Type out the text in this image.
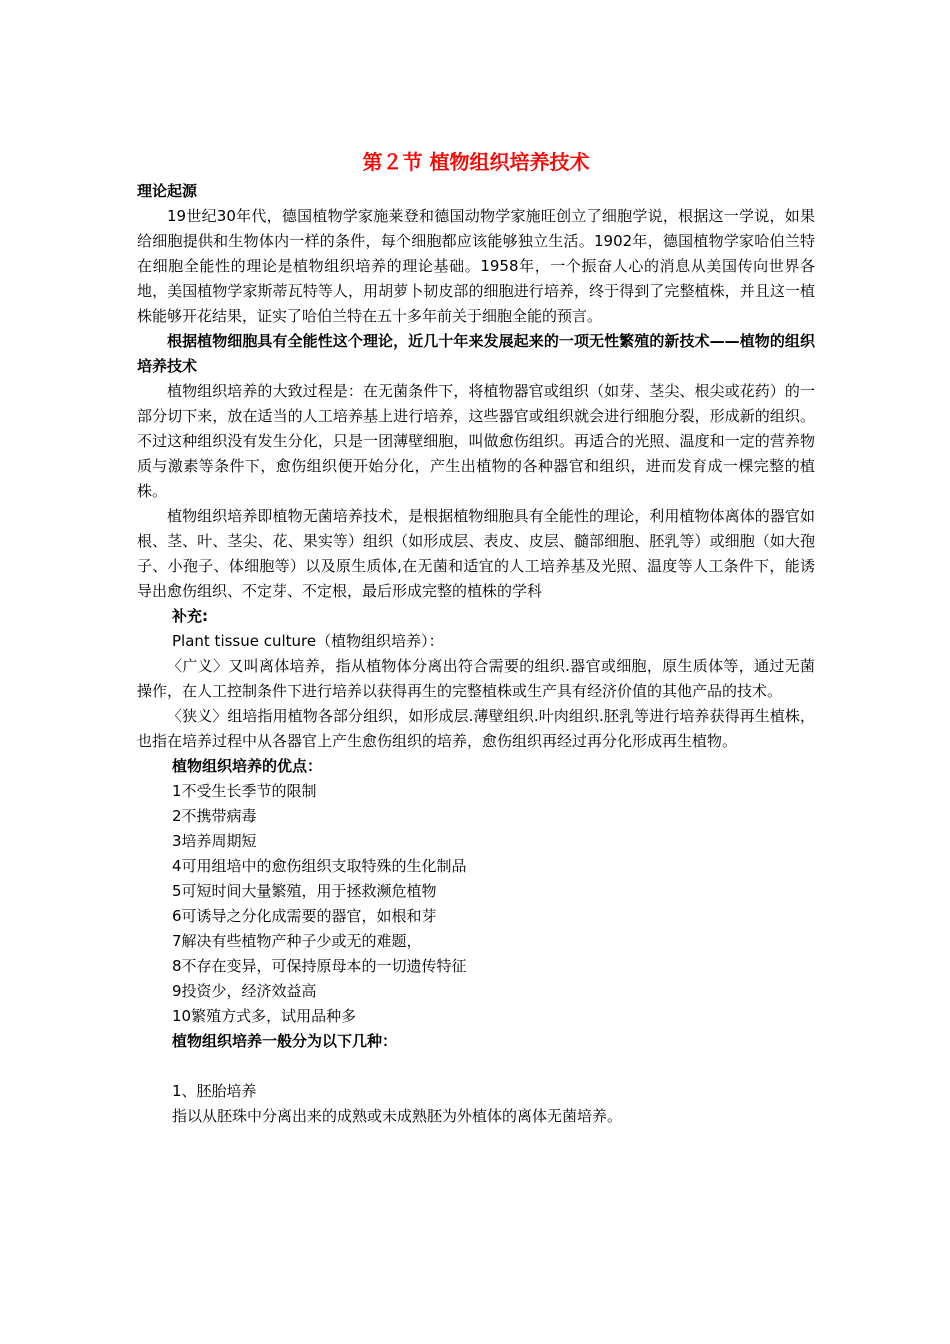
第２节 植物组织培养技术

理论起源

19世纪30年代，德国植物学家施莱登和德国动物学家施旺创立了细胞学说，根据这一学说，如果给细胞提供和生物体内一样的条件，每个细胞都应该能够独立生活。1902年，德国植物学家哈伯兰特在细胞全能性的理论是植物组织培养的理论基础。1958年，一个振奋人心的消息从美国传向世界各地，美国植物学家斯蒂瓦特等人，用胡萝卜韧皮部的细胞进行培养，终于得到了完整植株，并且这一植株能够开花结果，证实了哈伯兰特在五十多年前关于细胞全能的预言。

根据植物细胞具有全能性这个理论，近几十年来发展起来的一项无性繁殖的新技术——植物的组织培养技术

植物组织培养的大致过程是：在无菌条件下，将植物器官或组织（如芽、茎尖、根尖或花药）的一部分切下来，放在适当的人工培养基上进行培养，这些器官或组织就会进行细胞分裂，形成新的组织。不过这种组织没有发生分化，只是一团薄壁细胞，叫做愈伤组织。再适合的光照、温度和一定的营养物质与激素等条件下，愈伤组织便开始分化，产生出植物的各种器官和组织，进而发育成一棵完整的植株。

植物组织培养即植物无菌培养技术，是根据植物细胞具有全能性的理论，利用植物体离体的器官如根、茎、叶、茎尖、花、果实等）组织（如形成层、表皮、皮层、髓部细胞、胚乳等）或细胞（如大孢子、小孢子、体细胞等）以及原生质体,在无菌和适宜的人工培养基及光照、温度等人工条件下，能诱导出愈伤组织、不定芽、不定根，最后形成完整的植株的学科

补充:

Plant tissue culture（植物组织培养）：

〈广义〉又叫离体培养，指从植物体分离出符合需要的组织.器官或细胞，原生质体等，通过无菌操作，在人工控制条件下进行培养以获得再生的完整植株或生产具有经济价值的其他产品的技术。

〈狭义〉组培指用植物各部分组织，如形成层.薄壁组织.叶肉组织.胚乳等进行培养获得再生植株，也指在培养过程中从各器官上产生愈伤组织的培养，愈伤组织再经过再分化形成再生植物。

植物组织培养的优点：

1不受生长季节的限制
2不携带病毒
3培养周期短
4可用组培中的愈伤组织支取特殊的生化制品
5可短时间大量繁殖，用于拯救濒危植物
6可诱导之分化成需要的器官，如根和芽
7解决有些植物产种子少或无的难题，
8不存在变异，可保持原母本的一切遗传特征
9投资少，经济效益高
10繁殖方式多，试用品种多

植物组织培养一般分为以下几种：

1、胚胎培养

指以从胚珠中分离出来的成熟或未成熟胚为外植体的离体无菌培养。
